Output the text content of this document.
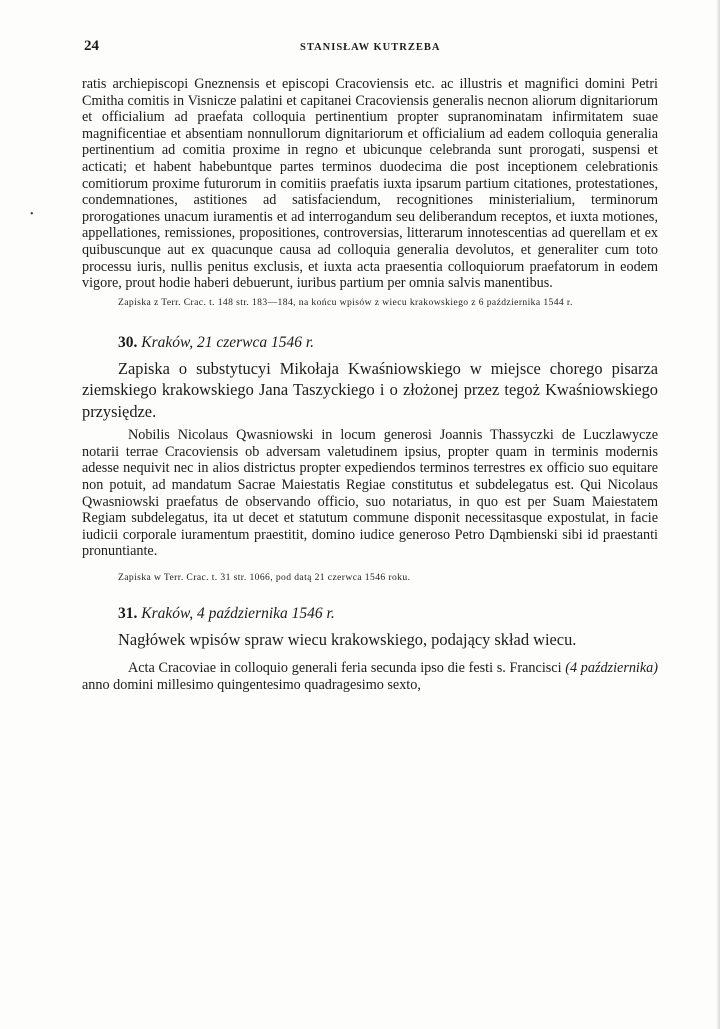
•
24	STANISŁAW KUTRZEBA

ratis archiepiscopi Gneznensis et episcopi Cracoviensis etc. ac illustris et magnifici domini Petri Cmitha comitis in Visnicze palatini et capitanei Cracoviensis generalis necnon aliorum dignitariorum et officialium ad praefata colloquia pertinentium propter supranominatam infirmitatem suae magnificentiae et absentiam nonnullorum dignitariorum et officialium ad eadem colloquia generalia pertinentium ad comitia proxime in regno et ubicunque celebranda sunt prorogati, suspensi et acticati; et habent habebuntque partes terminos duodecima die post inceptionem celebrationis comitiorum proxime futurorum in comitiis praefatis iuxta ipsarum partium citationes, protestationes, condemnationes, astitiones ad satisfaciendum, recognitiones ministerialium, terminorum prorogationes unacum iuramentis et ad interrogandum seu deliberandum receptos, et iuxta motiones, appellationes, remissiones, propositiones, controversias, litterarum innotescentias ad querellam et ex quibuscunque aut ex quacunque causa ad colloquia generalia devolutos, et generaliter cum toto processu iuris, nullis penitus exclusis, et iuxta acta praesentia colloquiorum praefatorum in eodem vigore, prout hodie haberi debuerunt, iuribus partium per omnia salvis manentibus.

Zapiska z Terr. Crac. t. 148 str. 183—184, na końcu wpisów z wiecu krakowskiego z 6 października 1544 r.

30. Kraków, 21 czerwca 1546 r.

Zapiska o substytucyi Mikołaja Kwaśniowskiego w miejsce chorego pisarza ziemskiego krakowskiego Jana Taszyckiego i o złożonej przez tegoż Kwaśniowskiego przysiędze.

Nobilis Nicolaus Qwasniowski in locum generosi Joannis Thassyczki de Luczlawycze notarii terrae Cracoviensis ob adversam valetudinem ipsius, propter quam in terminis modernis adesse nequivit nec in alios districtus propter expediendos terminos terrestres ex officio suo equitare non potuit, ad mandatum Sacrae Maiestatis Regiae constitutus et subdelegatus est. Qui Nicolaus Qwasniowski praefatus de observando officio, suo notariatus, in quo est per Suam Maiestatem Regiam subdelegatus, ita ut decet et statutum commune disponit necessitasque expostulat, in facie iudicii corporale iuramentum praestitit, domino iudice generoso Petro Dąmbienski sibi id praestanti pronuntiante.

Zapiska w Terr. Crac. t. 31 str. 1066, pod datą 21 czerwca 1546 roku.

31. Kraków, 4 października 1546 r.

Nagłówek wpisów spraw wiecu krakowskiego, podający skład wiecu.

Acta Cracoviae in colloquio generali feria secunda ipso die festi s. Francisci (4 października) anno domini millesimo quingentesimo quadragesimo sexto,
